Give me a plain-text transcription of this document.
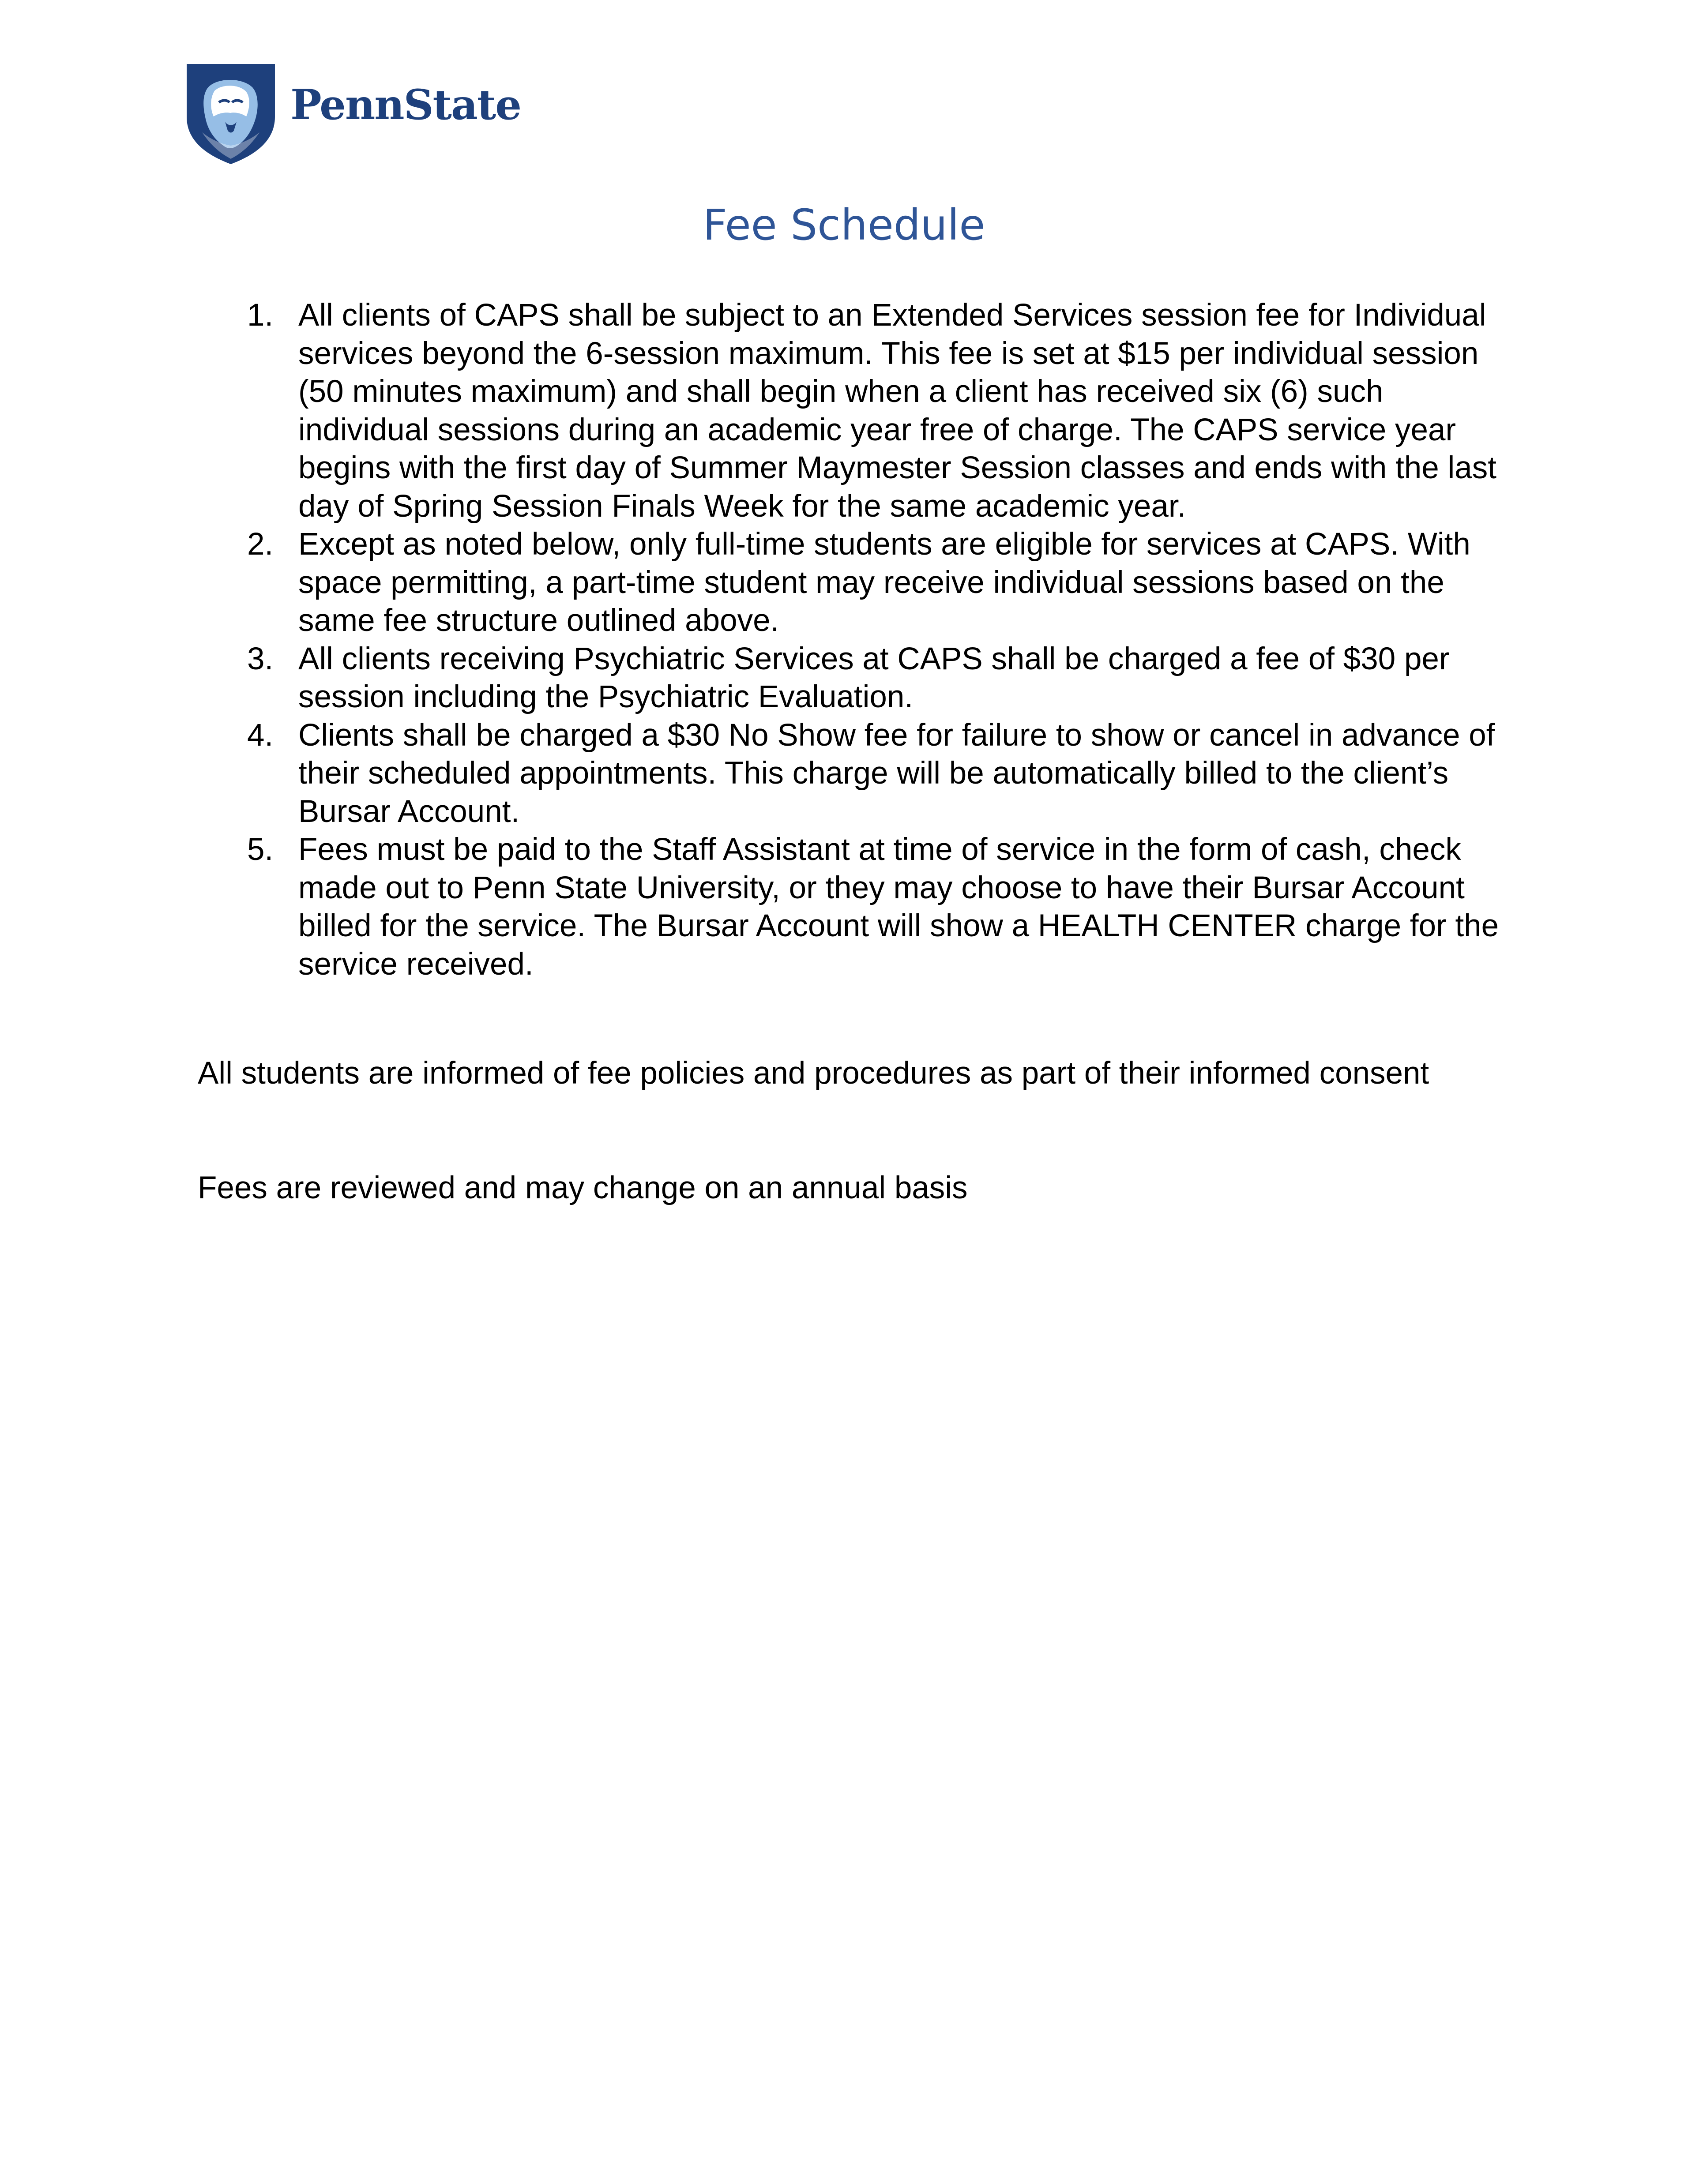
PennState
Fee Schedule
1. All clients of CAPS shall be subject to an Extended Services session fee for Individual services beyond the 6-session maximum. This fee is set at $15 per individual session (50 minutes maximum) and shall begin when a client has received six (6) such individual sessions during an academic year free of charge. The CAPS service year begins with the first day of Summer Maymester Session classes and ends with the last day of Spring Session Finals Week for the same academic year.
2. Except as noted below, only full-time students are eligible for services at CAPS. With space permitting, a part-time student may receive individual sessions based on the same fee structure outlined above.
3. All clients receiving Psychiatric Services at CAPS shall be charged a fee of $30 per session including the Psychiatric Evaluation.
4. Clients shall be charged a $30 No Show fee for failure to show or cancel in advance of their scheduled appointments. This charge will be automatically billed to the client’s Bursar Account.
5. Fees must be paid to the Staff Assistant at time of service in the form of cash, check made out to Penn State University, or they may choose to have their Bursar Account billed for the service. The Bursar Account will show a HEALTH CENTER charge for the service received.

All students are informed of fee policies and procedures as part of their informed consent

Fees are reviewed and may change on an annual basis
